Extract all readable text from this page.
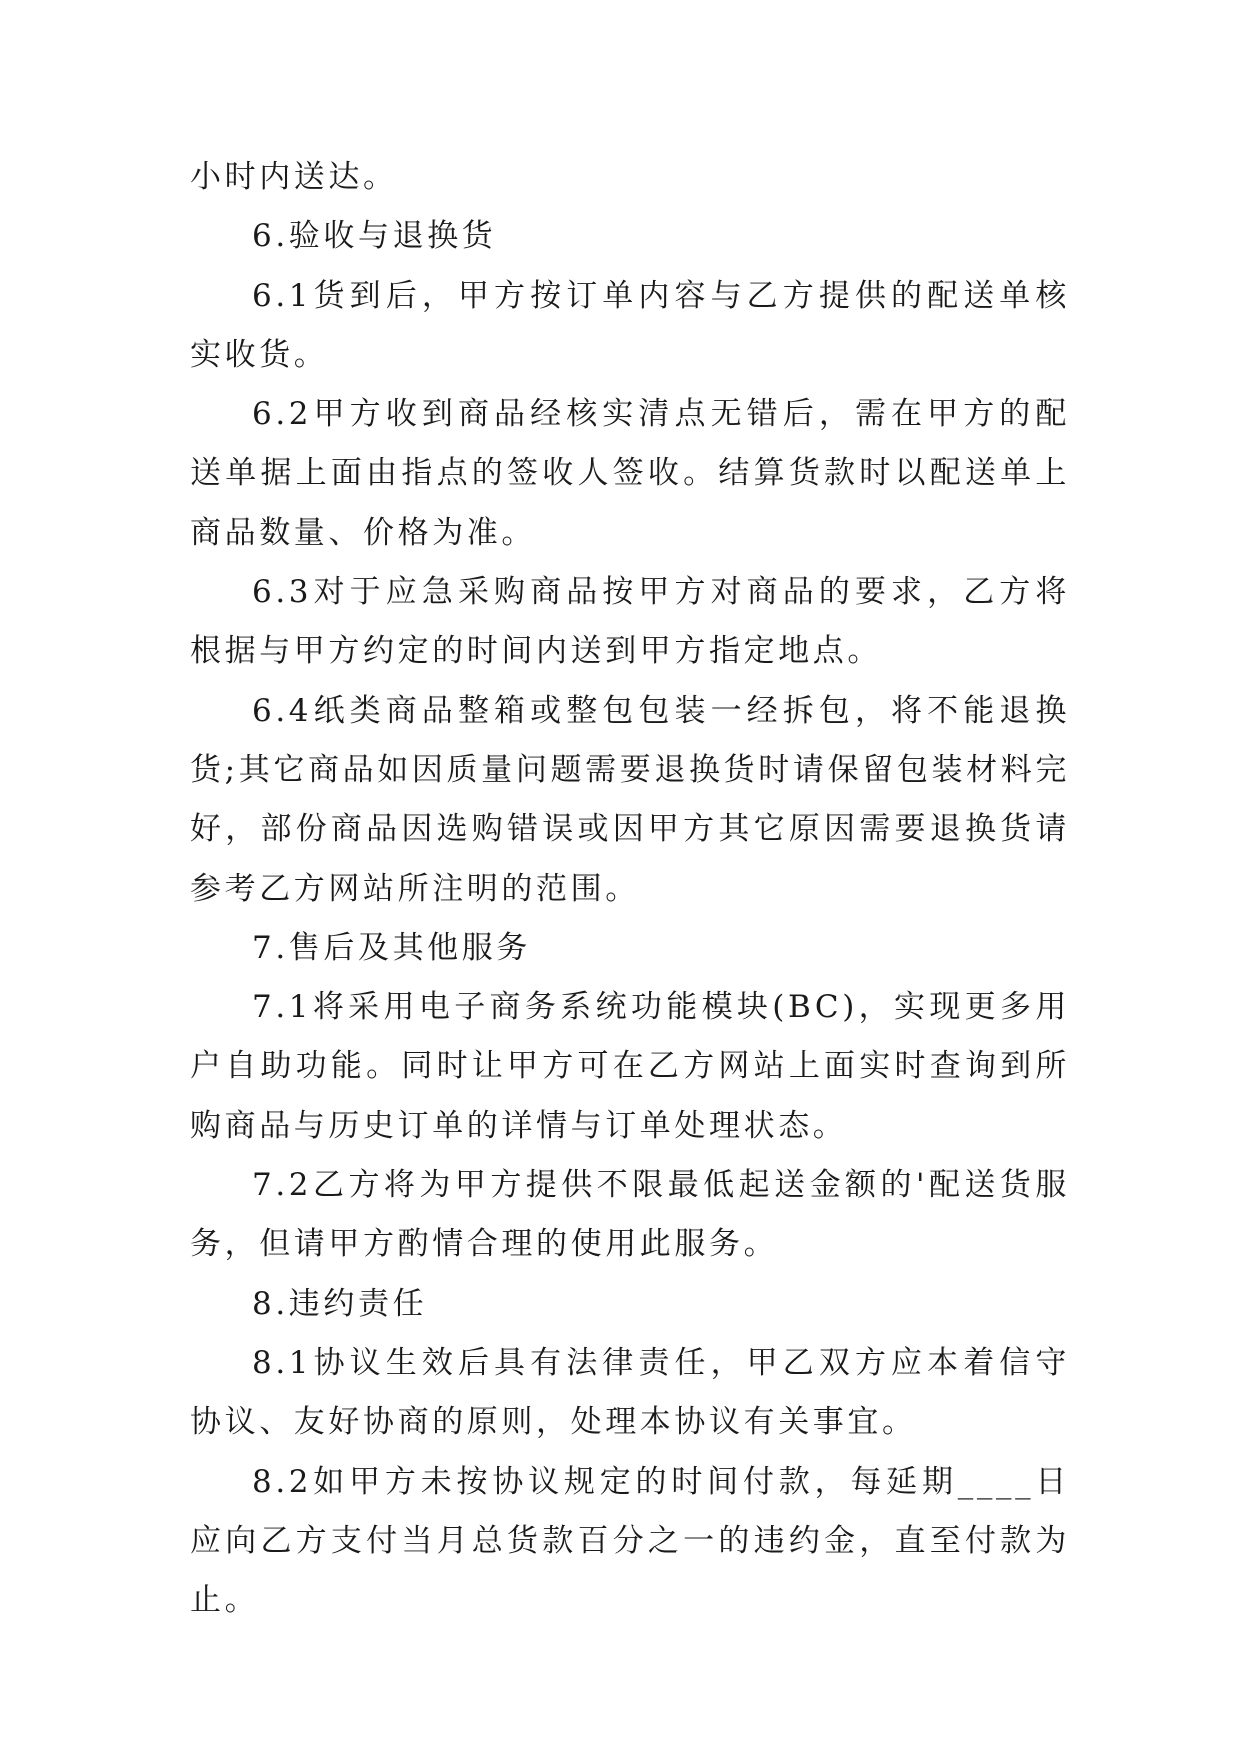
小时内送达。

6.验收与退换货

6.1货到后，甲方按订单内容与乙方提供的配送单核实收货。

6.2甲方收到商品经核实清点无错后，需在甲方的配送单据上面由指点的签收人签收。结算货款时以配送单上商品数量、价格为准。

6.3对于应急采购商品按甲方对商品的要求，乙方将根据与甲方约定的时间内送到甲方指定地点。

6.4纸类商品整箱或整包包装一经拆包，将不能退换货;其它商品如因质量问题需要退换货时请保留包装材料完好，部份商品因选购错误或因甲方其它原因需要退换货请参考乙方网站所注明的范围。

7.售后及其他服务

7.1将采用电子商务系统功能模块(BC)，实现更多用户自助功能。同时让甲方可在乙方网站上面实时查询到所购商品与历史订单的详情与订单处理状态。

7.2乙方将为甲方提供不限最低起送金额的'配送货服务，但请甲方酌情合理的使用此服务。

8.违约责任

8.1协议生效后具有法律责任，甲乙双方应本着信守协议、友好协商的原则，处理本协议有关事宜。

8.2如甲方未按协议规定的时间付款，每延期____日应向乙方支付当月总货款百分之一的违约金，直至付款为止。
